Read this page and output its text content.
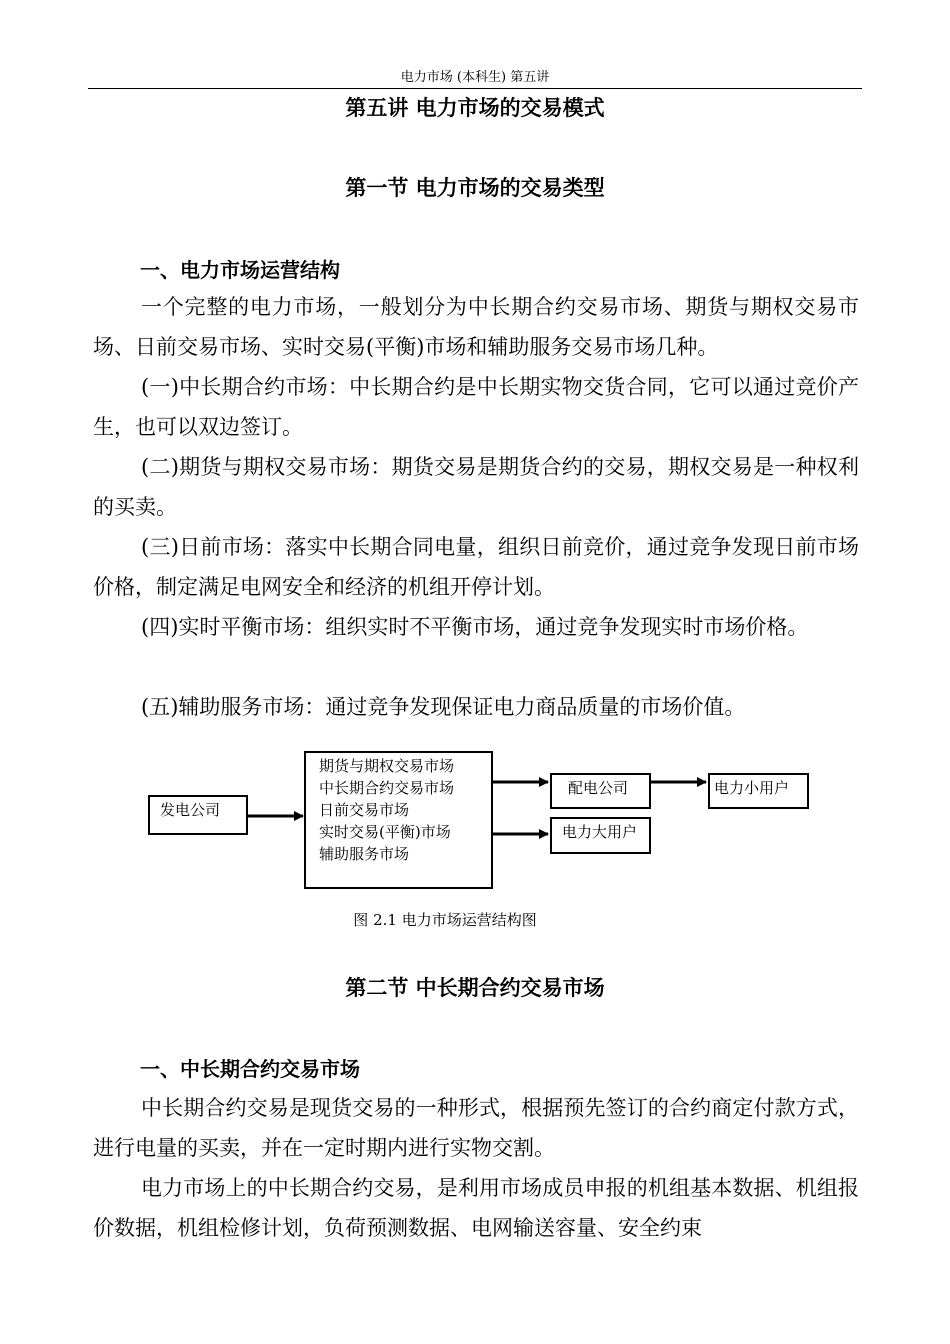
电力市场 (本科生) 第五讲
第五讲 电力市场的交易模式
第一节 电力市场的交易类型
一、电力市场运营结构

一个完整的电力市场，一般划分为中长期合约交易市场、期货与期权交易市场、日前交易市场、实时交易(平衡)市场和辅助服务交易市场几种。

(一)中长期合约市场：中长期合约是中长期实物交货合同，它可以通过竞价产生，也可以双边签订。

(二)期货与期权交易市场：期货交易是期货合约的交易，期权交易是一种权利的买卖。

(三)日前市场：落实中长期合同电量，组织日前竞价，通过竞争发现日前市场价格，制定满足电网安全和经济的机组开停计划。

(四)实时平衡市场：组织实时不平衡市场，通过竞争发现实时市场价格。

(五)辅助服务市场：通过竞争发现保证电力商品质量的市场价值。

发电公司
期货与期权交易市场
中长期合约交易市场
日前交易市场
实时交易(平衡)市场
辅助服务市场
配电公司
电力大用户
电力小用户
图 2.1 电力市场运营结构图
第二节 中长期合约交易市场
一、中长期合约交易市场

中长期合约交易是现货交易的一种形式，根据预先签订的合约商定付款方式，进行电量的买卖，并在一定时期内进行实物交割。

电力市场上的中长期合约交易，是利用市场成员申报的机组基本数据、机组报价数据，机组检修计划，负荷预测数据、电网输送容量、安全约束
